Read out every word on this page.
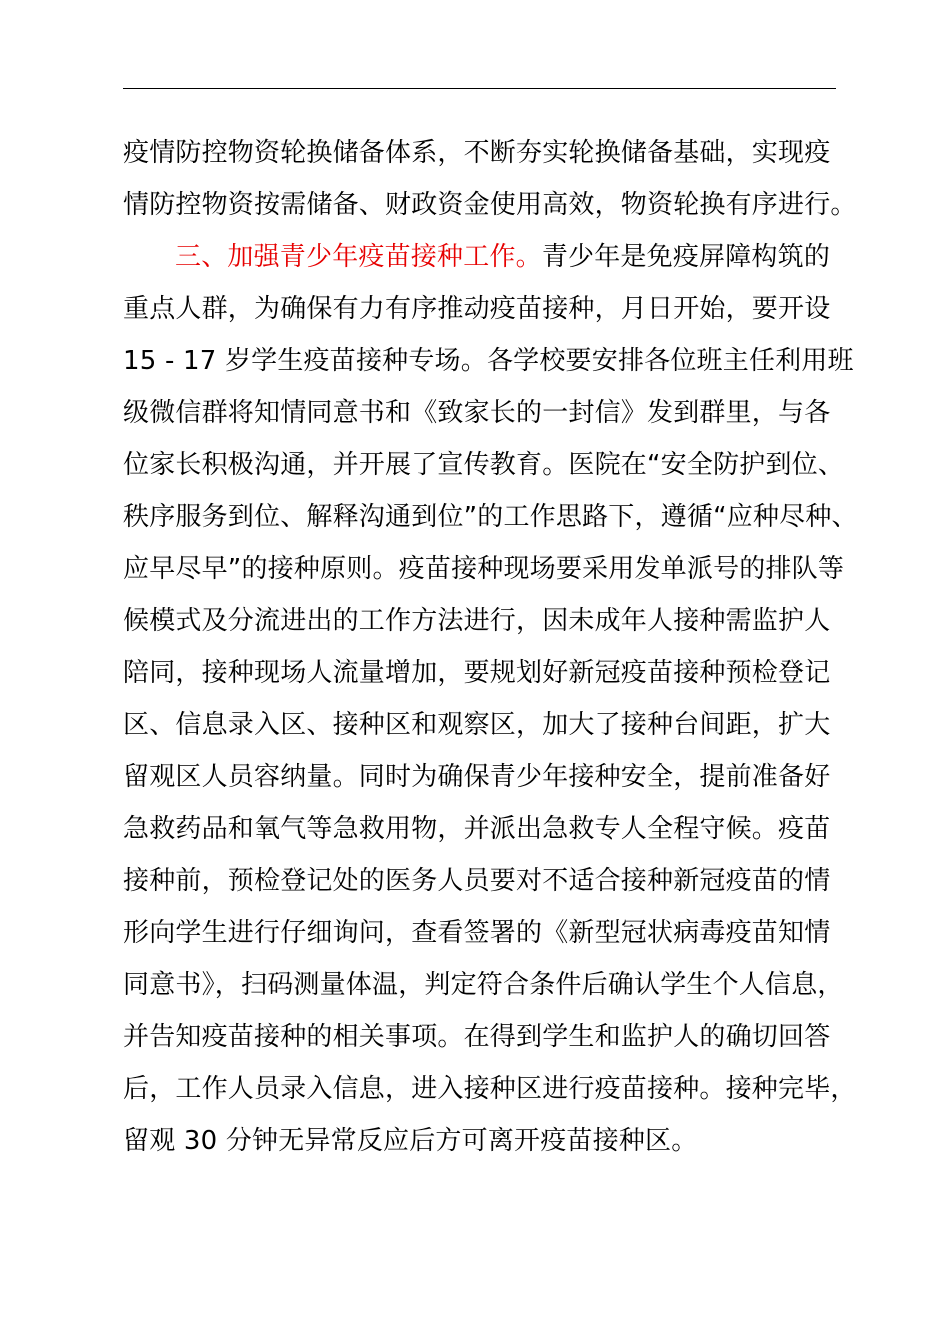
疫情防控物资轮换储备体系，不断夯实轮换储备基础，实现疫
情防控物资按需储备、财政资金使用高效，物资轮换有序进行。
三、加强青少年疫苗接种工作。青少年是免疫屏障构筑的
重点人群，为确保有力有序推动疫苗接种，月日开始，要开设
15 - 17 岁学生疫苗接种专场。各学校要安排各位班主任利用班
级微信群将知情同意书和《致家长的一封信》发到群里，与各
位家长积极沟通，并开展了宣传教育。医院在“安全防护到位、
秩序服务到位、解释沟通到位”的工作思路下，遵循“应种尽种、
应早尽早”的接种原则。疫苗接种现场要采用发单派号的排队等
候模式及分流进出的工作方法进行，因未成年人接种需监护人
陪同，接种现场人流量增加，要规划好新冠疫苗接种预检登记
区、信息录入区、接种区和观察区，加大了接种台间距，扩大
留观区人员容纳量。同时为确保青少年接种安全，提前准备好
急救药品和氧气等急救用物，并派出急救专人全程守候。疫苗
接种前，预检登记处的医务人员要对不适合接种新冠疫苗的情
形向学生进行仔细询问，查看签署的《新型冠状病毒疫苗知情
同意书》，扫码测量体温，判定符合条件后确认学生个人信息，
并告知疫苗接种的相关事项。在得到学生和监护人的确切回答
后，工作人员录入信息，进入接种区进行疫苗接种。接种完毕，
留观 30 分钟无异常反应后方可离开疫苗接种区。
